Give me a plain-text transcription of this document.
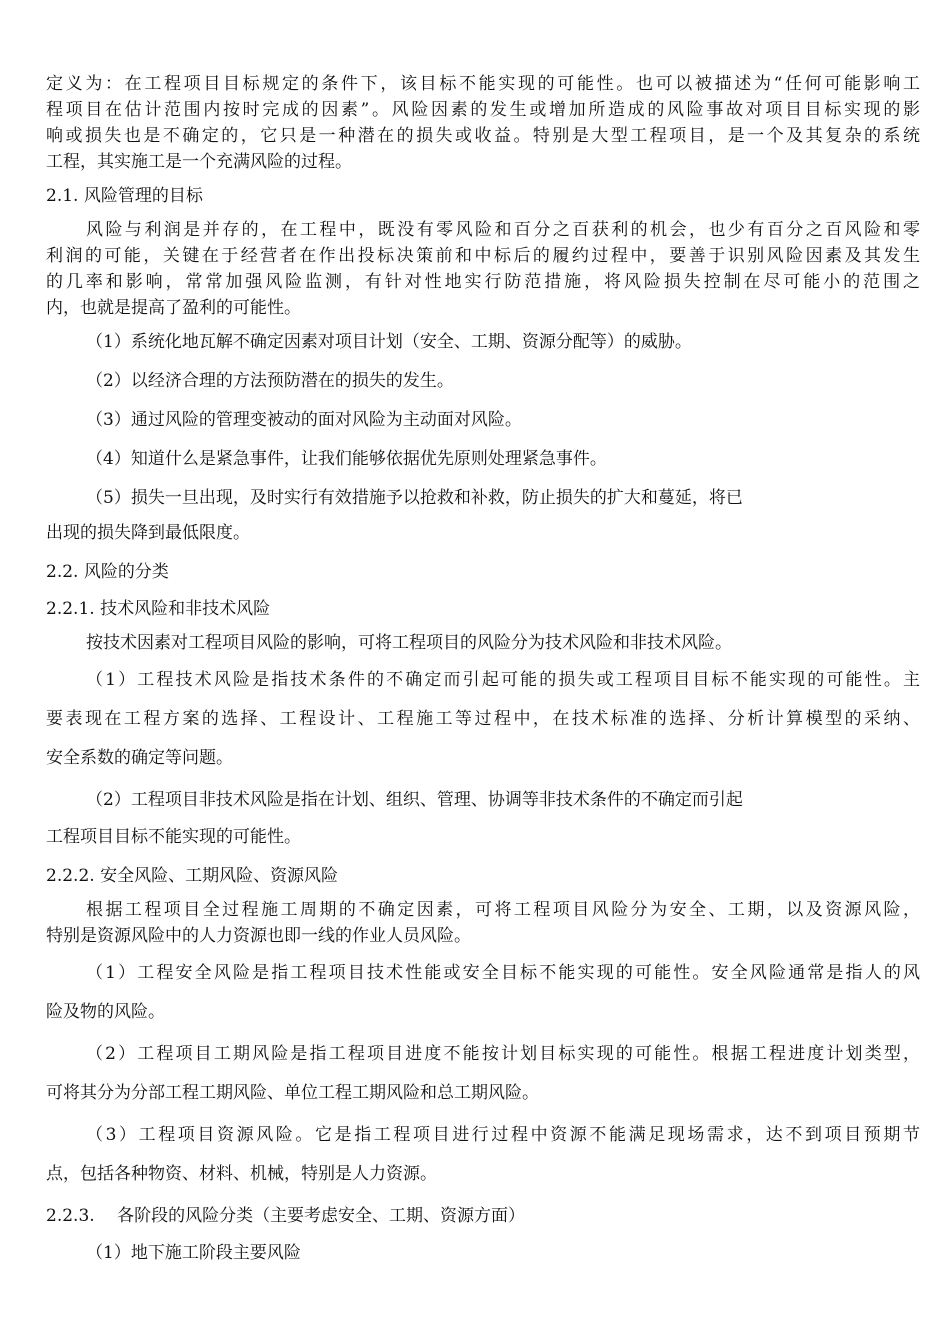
定义为：在工程项目目标规定的条件下，该目标不能实现的可能性。也可以被描述为“任何可能影响工
程项目在估计范围内按时完成的因素”。风险因素的发生或增加所造成的风险事故对项目目标实现的影
响或损失也是不确定的，它只是一种潜在的损失或收益。特别是大型工程项目，是一个及其复杂的系统
工程，其实施工是一个充满风险的过程。
2.1. 风险管理的目标
风险与利润是并存的，在工程中，既没有零风险和百分之百获利的机会，也少有百分之百风险和零
利润的可能，关键在于经营者在作出投标决策前和中标后的履约过程中，要善于识别风险因素及其发生
的几率和影响，常常加强风险监测，有针对性地实行防范措施，将风险损失控制在尽可能小的范围之
内，也就是提高了盈利的可能性。
（1）系统化地瓦解不确定因素对项目计划（安全、工期、资源分配等）的威胁。
（2）以经济合理的方法预防潜在的损失的发生。
（3）通过风险的管理变被动的面对风险为主动面对风险。
（4）知道什么是紧急事件，让我们能够依据优先原则处理紧急事件。
（5）损失一旦出现，及时实行有效措施予以抢救和补救，防止损失的扩大和蔓延，将已
出现的损失降到最低限度。
2.2. 风险的分类
2.2.1. 技术风险和非技术风险
按技术因素对工程项目风险的影响，可将工程项目的风险分为技术风险和非技术风险。
（1）工程技术风险是指技术条件的不确定而引起可能的损失或工程项目目标不能实现的可能性。主
要表现在工程方案的选择、工程设计、工程施工等过程中，在技术标准的选择、分析计算模型的采纳、
安全系数的确定等问题。
（2）工程项目非技术风险是指在计划、组织、管理、协调等非技术条件的不确定而引起
工程项目目标不能实现的可能性。
2.2.2. 安全风险、工期风险、资源风险
根据工程项目全过程施工周期的不确定因素，可将工程项目风险分为安全、工期，以及资源风险，
特别是资源风险中的人力资源也即一线的作业人员风险。
（1）工程安全风险是指工程项目技术性能或安全目标不能实现的可能性。安全风险通常是指人的风
险及物的风险。
（2）工程项目工期风险是指工程项目进度不能按计划目标实现的可能性。根据工程进度计划类型，
可将其分为分部工程工期风险、单位工程工期风险和总工期风险。
（3）工程项目资源风险。它是指工程项目进行过程中资源不能满足现场需求，达不到项目预期节
点，包括各种物资、材料、机械，特别是人力资源。
2.2.3.　 各阶段的风险分类（主要考虑安全、工期、资源方面）
（1）地下施工阶段主要风险
